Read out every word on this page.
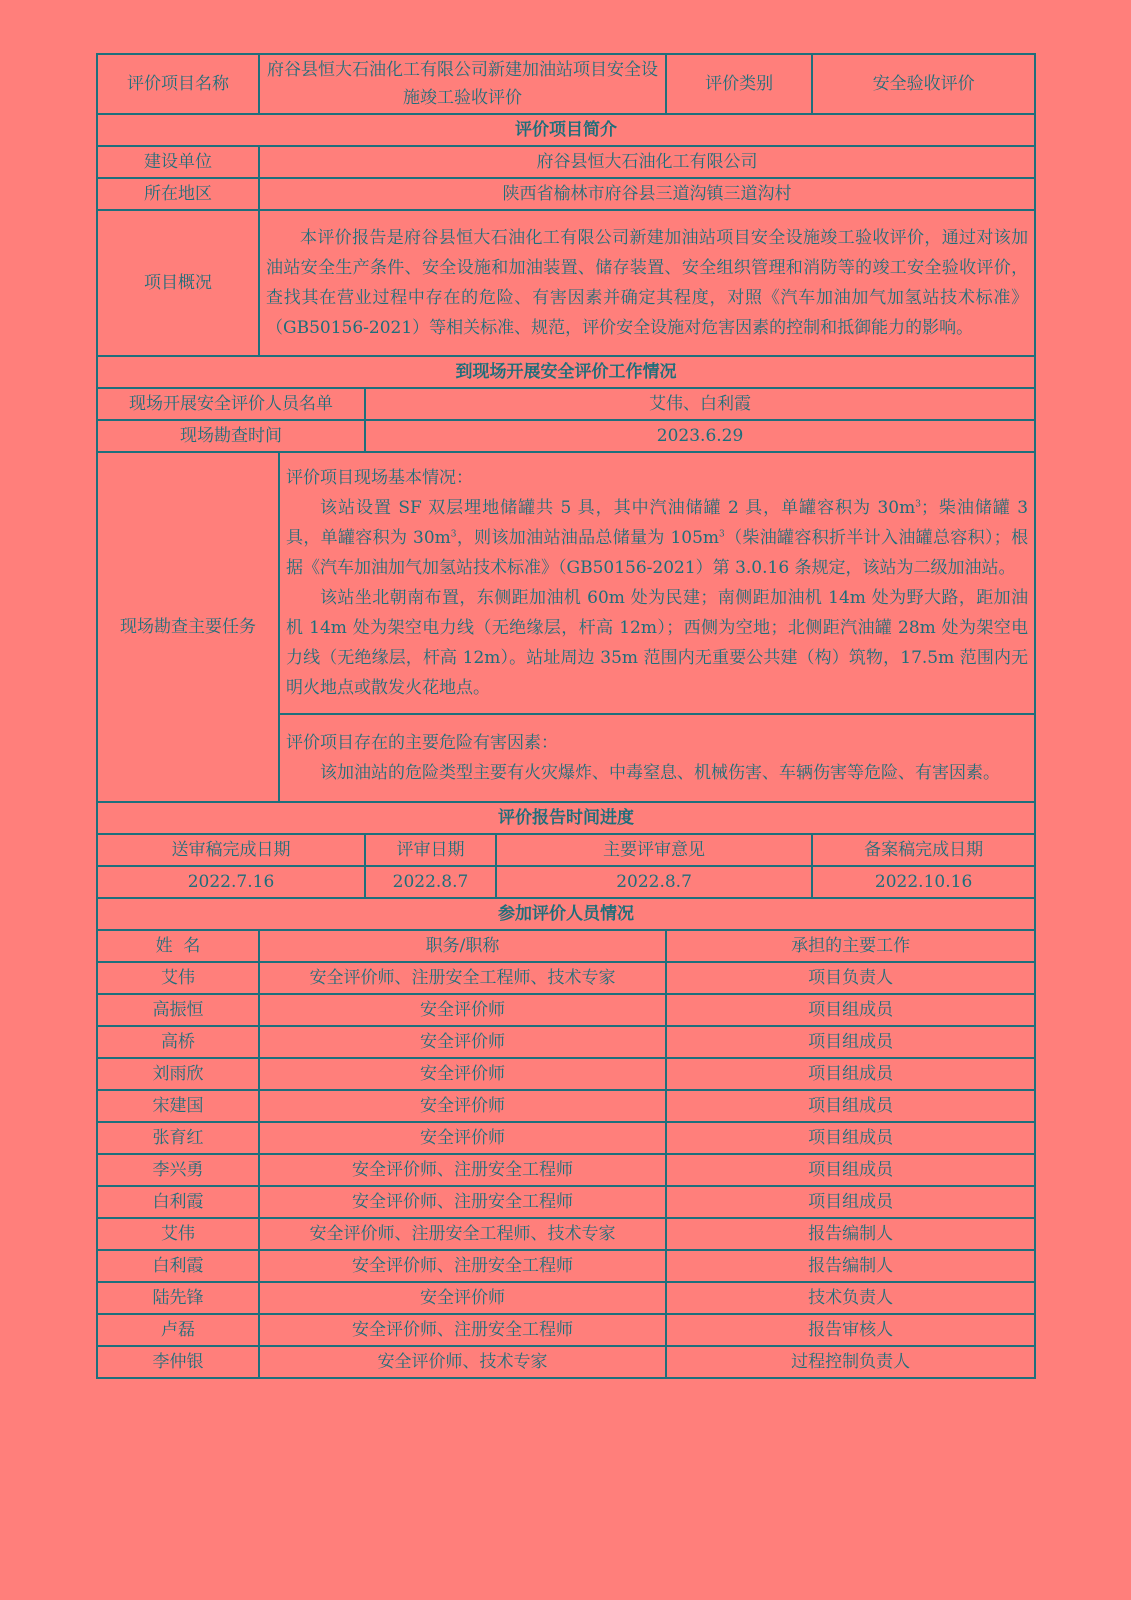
评价项目名称	府谷县恒大石油化工有限公司新建加油站项目安全设施竣工验收评价				评价类别	安全验收评价
评价项目简介						
建设单位	府谷县恒大石油化工有限公司					
所在地区	陕西省榆林市府谷县三道沟镇三道沟村					
项目概况	本评价报告是府谷县恒大石油化工有限公司新建加油站项目安全设施竣工验收评价，通过对该加油站安全生产条件、安全设施和加油装置、储存装置、安全组织管理和消防等的竣工安全验收评价，查找其在营业过程中存在的危险、有害因素并确定其程度，对照《汽车加油加气加氢站技术标准》（GB50156-2021）等相关标准、规范，评价安全设施对危害因素的控制和抵御能力的影响。					

到现场开展安全评价工作情况						
现场开展安全评价人员名单			艾伟、白利霞			
现场勘查时间			2023.6.29			
现场勘查主要任务		评价项目现场基本情况：

该站设置 SF 双层埋地储罐共 5 具，其中汽油储罐 2 具，单罐容积为 $30m^3$；柴油储罐 3 具，单罐容积为 $30m^3$，则该加油站油品总储量为 $105m^3$（柴油罐容积折半计入油罐总容积）；根据《汽车加油加气加氢站技术标准》（GB50156-2021）第 3.0.16 条规定，该站为二级加油站。

该站坐北朝南布置，东侧距加油机 60m 处为民建；南侧距加油机 14m 处为野大路，距加油机 14m 处为架空电力线（无绝缘层，杆高 12m）；西侧为空地；北侧距汽油罐 28m 处为架空电力线（无绝缘层，杆高 12m）。站址周边 35m 范围内无重要公共建（构）筑物，17.5m 范围内无明火地点或散发火花地点。				

		评价项目存在的主要危险有害因素：

该加油站的危险类型主要有火灾爆炸、中毒窒息、机械伤害、车辆伤害等危险、有害因素。				

评价报告时间进度						
送审稿完成日期			评审日期	主要评审意见		备案稿完成日期
2022.7.16			2022.8.7	2022.8.7		2022.10.16
参加评价人员情况						
姓  名	职务/职称				承担的主要工作	
艾伟	安全评价师、注册安全工程师、技术专家				项目负责人	
高振恒	安全评价师				项目组成员	
高桥	安全评价师				项目组成员	
刘雨欣	安全评价师				项目组成员	
宋建国	安全评价师				项目组成员	
张育红	安全评价师				项目组成员	
李兴勇	安全评价师、注册安全工程师				项目组成员	
白利霞	安全评价师、注册安全工程师				项目组成员	
艾伟	安全评价师、注册安全工程师、技术专家				报告编制人	
白利霞	安全评价师、注册安全工程师				报告编制人	
陆先锋	安全评价师				技术负责人	
卢磊	安全评价师、注册安全工程师				报告审核人	
李仲银	安全评价师、技术专家				过程控制负责人	
